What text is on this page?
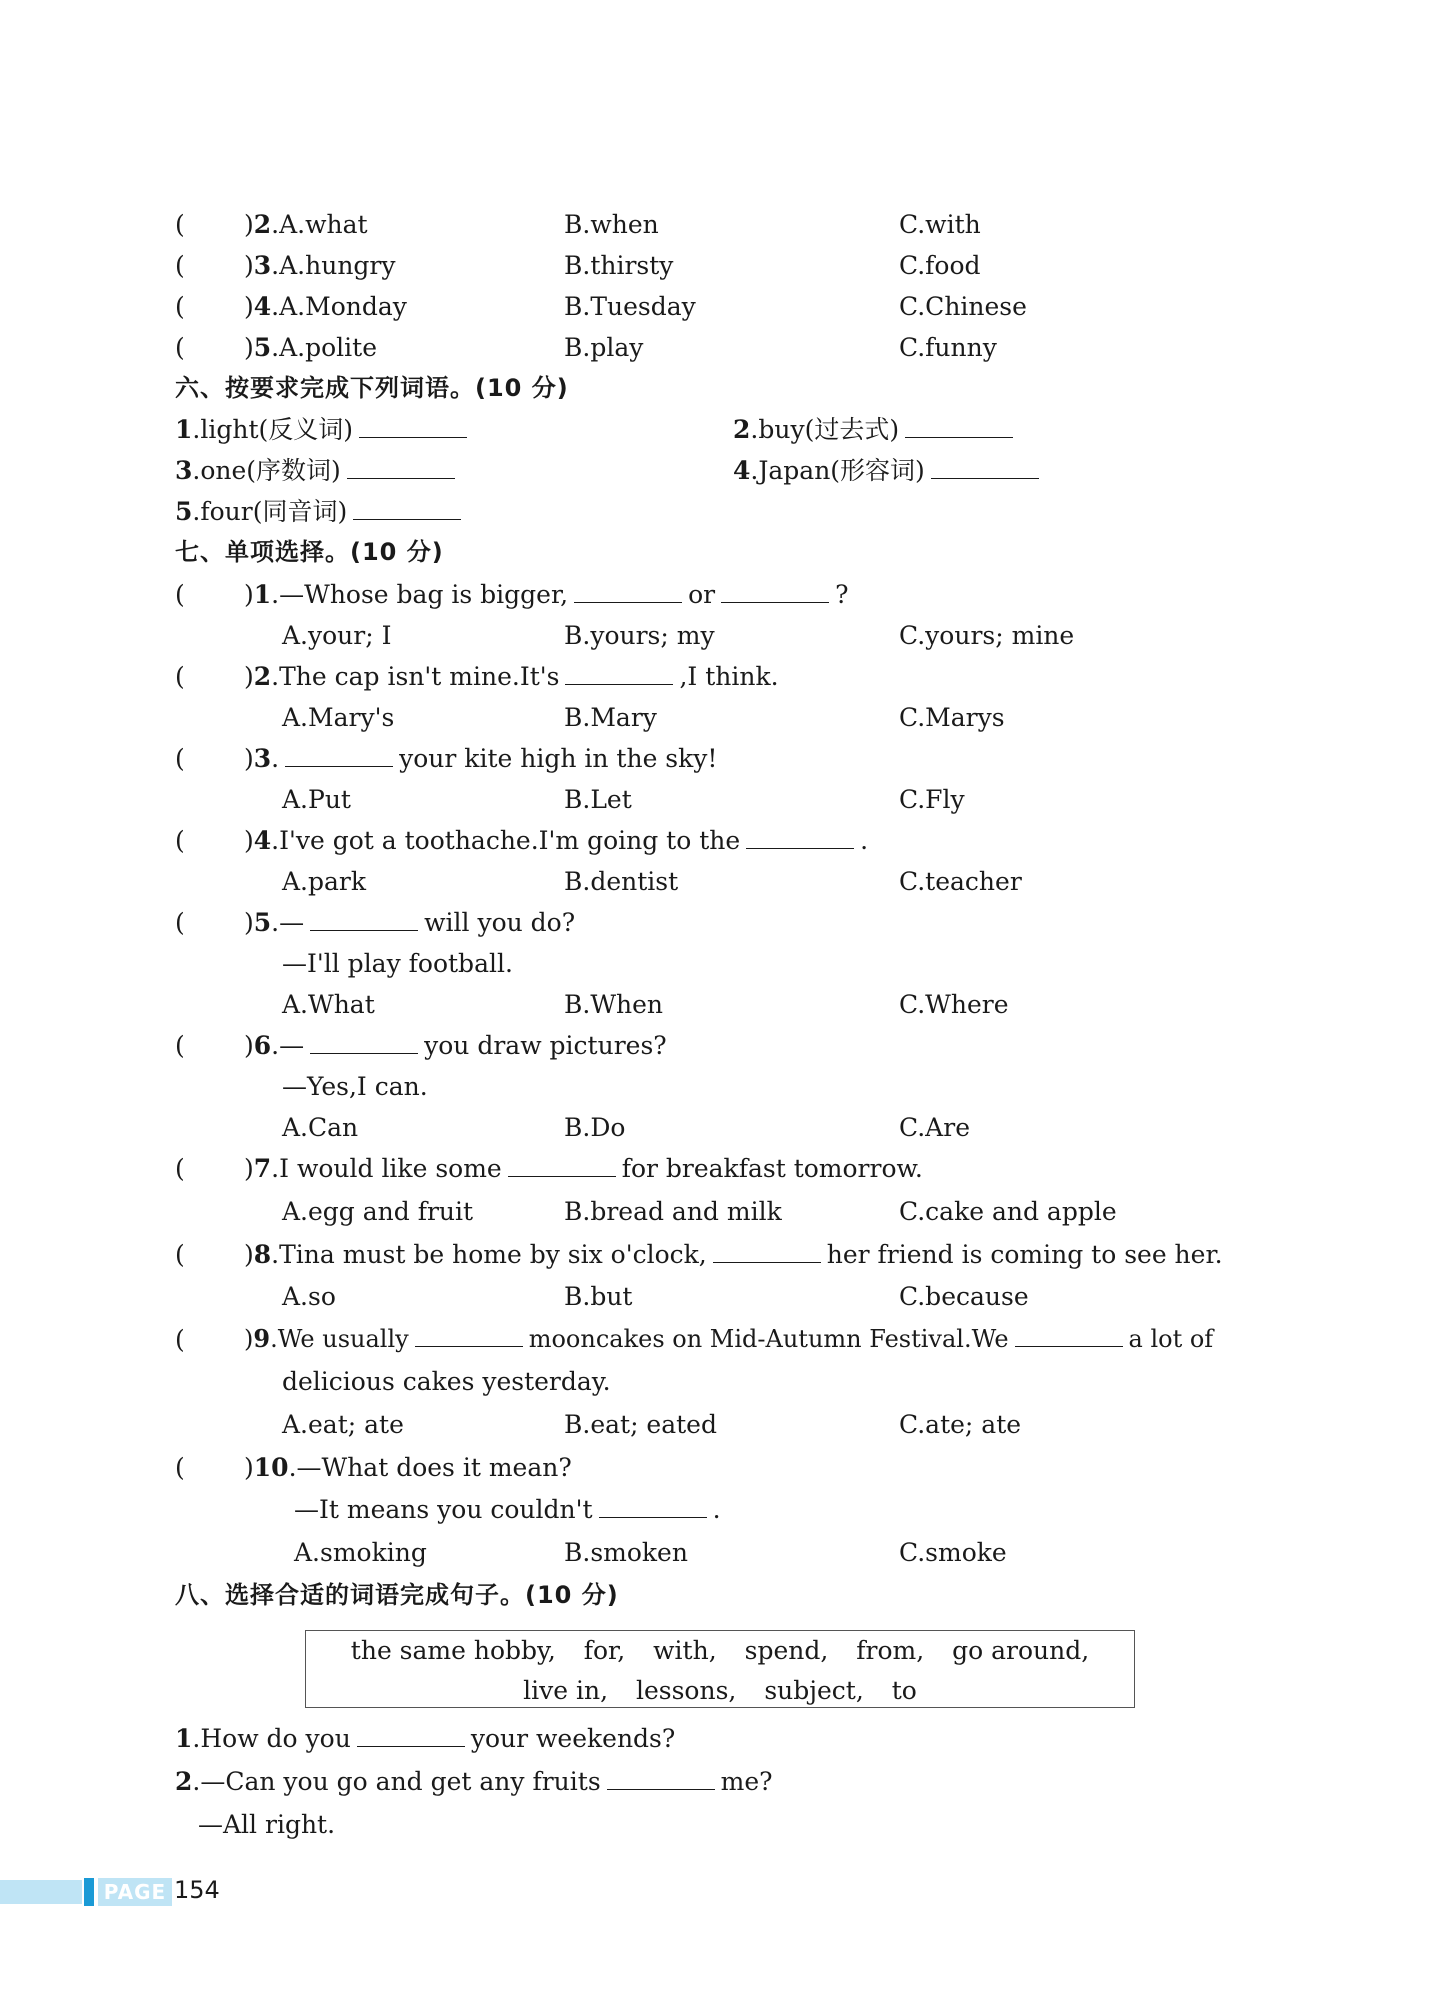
( )2.A.what	B.when	C.with
( )3.A.hungry	B.thirsty	C.food
( )4.A.Monday	B.Tuesday	C.Chinese
( )5.A.polite	B.play	C.funny
六、按要求完成下列词语。(10 分)
1.light(反义词)	2.buy(过去式)
3.one(序数词)	4.Japan(形容词)
5.four(同音词)
七、单项选择。(10 分)
( )1.—Whose bag is bigger,	or	?
A.your; I	B.yours; my	C.yours; mine
( )2.The cap isn't mine.It's	,I think.
A.Mary's	B.Mary	C.Marys
( )3.	your kite high in the sky!
A.Put	B.Let	C.Fly
( )4.I've got a toothache.I'm going to the	.
A.park	B.dentist	C.teacher
( )5.—	will you do?
—I'll play football.
A.What	B.When	C.Where
( )6.—	you draw pictures?
—Yes,I can.
A.Can	B.Do	C.Are
( )7.I would like some	for breakfast tomorrow.
A.egg and fruit	B.bread and milk	C.cake and apple
( )8.Tina must be home by six o'clock,	her friend is coming to see her.
A.so	B.but	C.because
( )9.We usually	mooncakes on Mid-Autumn Festival.We	a lot of
delicious cakes yesterday.
A.eat; ate	B.eat; eated	C.ate; ate
( )10.—What does it mean?
—It means you couldn't	.
A.smoking	B.smoken	C.smoke
八、选择合适的词语完成句子。(10 分)
the same hobby, for, with, spend, from, go around,
live in, lessons, subject, to
1.How do you	your weekends?
2.—Can you go and get any fruits	me?
—All right.
PAGE 154
